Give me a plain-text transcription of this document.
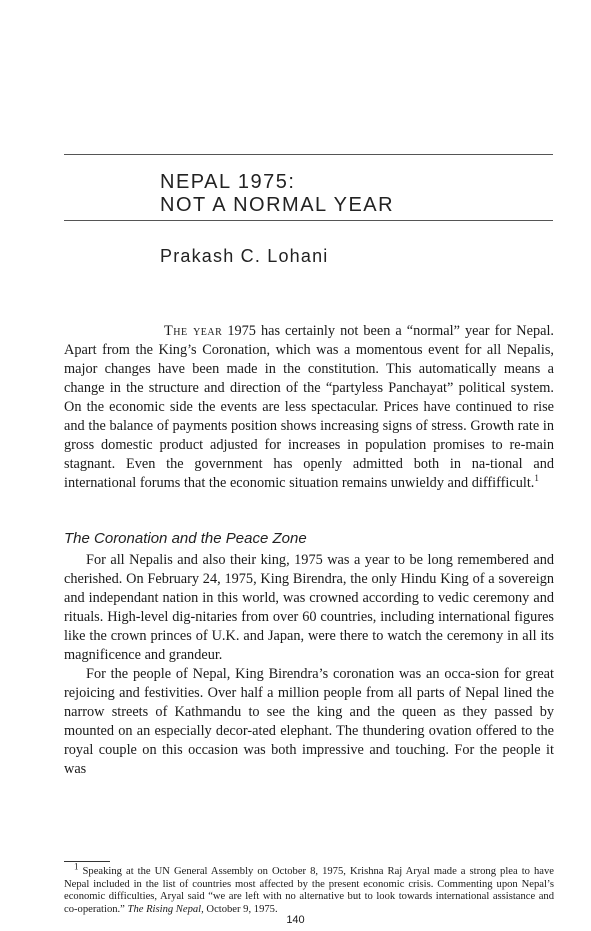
NEPAL 1975:
NOT A NORMAL YEAR
Prakash C. Lohani

The year 1975 has certainly not been a “normal” year for Nepal. Apart from the King’s Coronation, which was a momentous event for all Nepalis, major changes have been made in the constitution. This automatically means a change in the structure and direction of the “partyless Panchayat” political system. On the economic side the events are less spectacular. Prices have continued to rise and the balance of payments position shows increasing signs of stress. Growth rate in gross domestic product adjusted for increases in population promises to re-main stagnant. Even the government has openly admitted both in na-tional and international forums that the economic situation remains unwieldy and diffifficult.$^1$

The Coronation and the Peace Zone

For all Nepalis and also their king, 1975 was a year to be long remembered and cherished. On February 24, 1975, King Birendra, the only Hindu King of a sovereign and independant nation in this world, was crowned according to vedic ceremony and rituals. High-level dig-nitaries from over 60 countries, including international figures like the crown princes of U.K. and Japan, were there to watch the ceremony in all its magnificence and grandeur.

For the people of Nepal, King Birendra’s coronation was an occa-sion for great rejoicing and festivities. Over half a million people from all parts of Nepal lined the narrow streets of Kathmandu to see the king and the queen as they passed by mounted on an especially decor-ated elephant. The thundering ovation offered to the royal couple on this occasion was both impressive and touching. For the people it was

$^1$ Speaking at the UN General Assembly on October 8, 1975, Krishna Raj Aryal made a strong plea to have Nepal included in the list of countries most affected by the present economic crisis. Commenting upon Nepal’s economic difficulties, Aryal said “we are left with no alternative but to look towards international assistance and co-operation.” The Rising Nepal, October 9, 1975.

140
